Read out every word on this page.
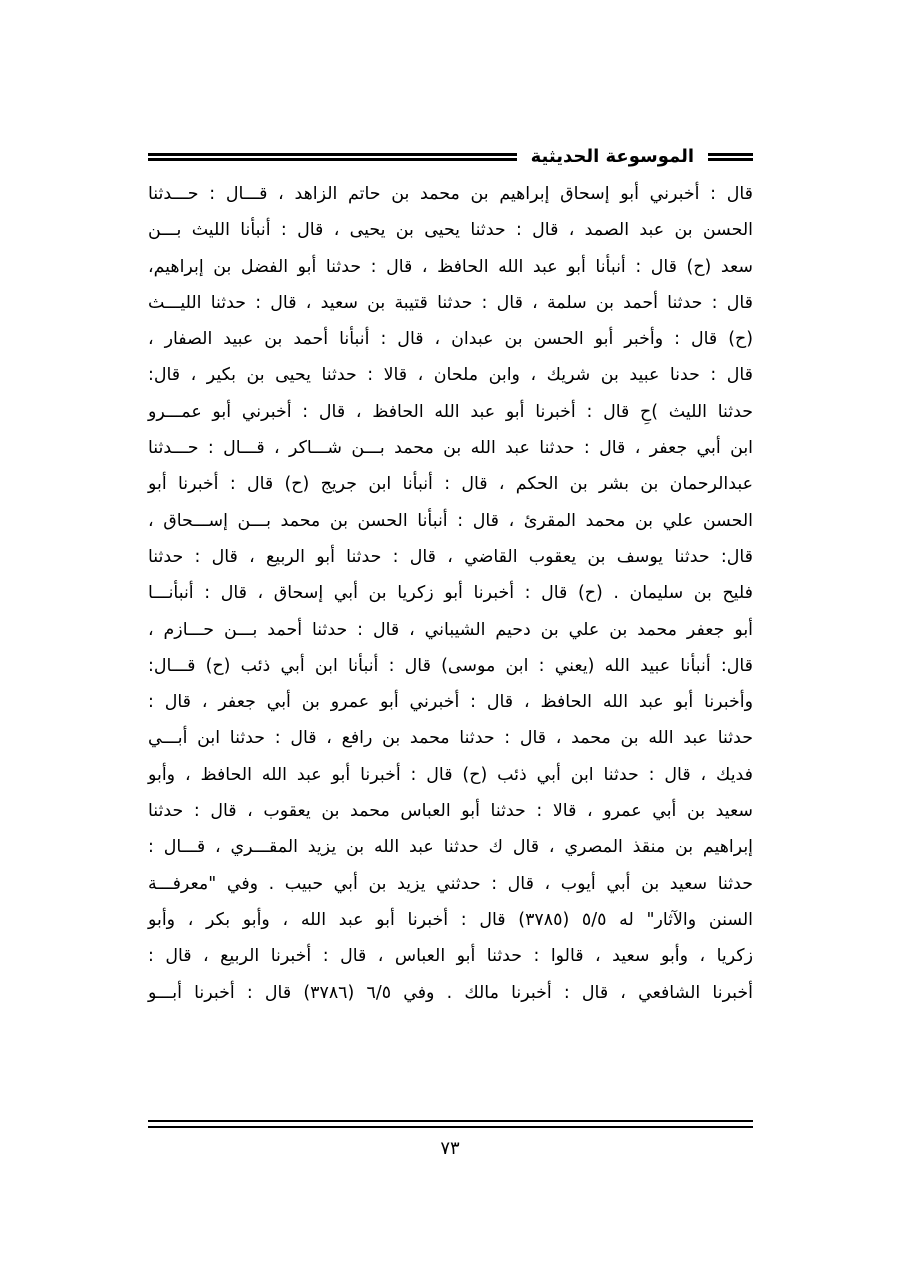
الموسوعة الحديثية
قال : أخبرني أبو إسحاق إبراهيم بن محمد بن حاتم الزاهد ، قـــال : حـــدثنا
الحسن بن عبد الصمد ، قال : حدثنا يحيى بن يحيى ، قال : أنبأنا الليث بـــن
سعد (ح) قال : أنبأنا أبو عبد الله الحافظ ، قال : حدثنا أبو الفضل بن إبراهيم،
قال : حدثنا أحمد بن سلمة ، قال : حدثنا قتيبة بن سعيد ، قال : حدثنا الليـــث
(ح) قال : وأخبر أبو الحسن بن عبدان ، قال : أنبأنا أحمد بن عبيد الصفار ،
قال : حدنا عبيد بن شريك ، وابن ملحان ، قالا : حدثنا يحيى بن بكير ، قال:
حدثنا الليث )حِ قال : أخبرنا أبو عبد الله الحافظ ، قال : أخبرني أبو عمـــرو
ابن أبي جعفر ، قال : حدثنا عبد الله بن محمد بـــن شـــاكر ، قـــال : حـــدثنا
عبدالرحمان بن بشر بن الحكم ، قال : أنبأنا ابن جريج (ح) قال : أخبرنا أبو
الحسن علي بن محمد المقرئ ، قال : أنبأنا الحسن بن محمد بـــن إســـحاق ،
قال: حدثنا يوسف بن يعقوب القاضي ، قال : حدثنا أبو الربيع ، قال : حدثنا
فليح بن سليمان . (ح) قال : أخبرنا أبو زكريا بن أبي إسحاق ، قال : أنبأنـــا
أبو جعفر محمد بن علي بن دحيم الشيباني ، قال : حدثنا أحمد بـــن حـــازم ،
قال: أنبأنا عبيد الله (يعني : ابن موسى) قال : أنبأنا ابن أبي ذئب (ح) قـــال:
وأخبرنا أبو عبد الله الحافظ ، قال : أخبرني أبو عمرو بن أبي جعفر ، قال :
حدثنا عبد الله بن محمد ، قال : حدثنا محمد بن رافع ، قال : حدثنا ابن أبـــي
فديك ، قال : حدثنا ابن أبي ذئب (ح) قال : أخبرنا أبو عبد الله الحافظ ، وأبو
سعيد بن أبي عمرو ، قالا : حدثنا أبو العباس محمد بن يعقوب ، قال : حدثنا
إبراهيم بن منقذ المصري ، قال ك حدثنا عبد الله بن يزيد المقـــري ، قـــال :
حدثنا سعيد بن أبي أيوب ، قال : حدثني يزيد بن أبي حبيب . وفي "معرفـــة
السنن والآثار" له ٥/٥ (٣٧٨٥) قال : أخبرنا أبو عبد الله ، وأبو بكر ، وأبو
زكريا ، وأبو سعيد ، قالوا : حدثنا أبو العباس ، قال : أخبرنا الربيع ، قال :
أخبرنا الشافعي ، قال : أخبرنا مالك . وفي ٦/٥ (٣٧٨٦) قال : أخبرنا أبـــو
٧٣
